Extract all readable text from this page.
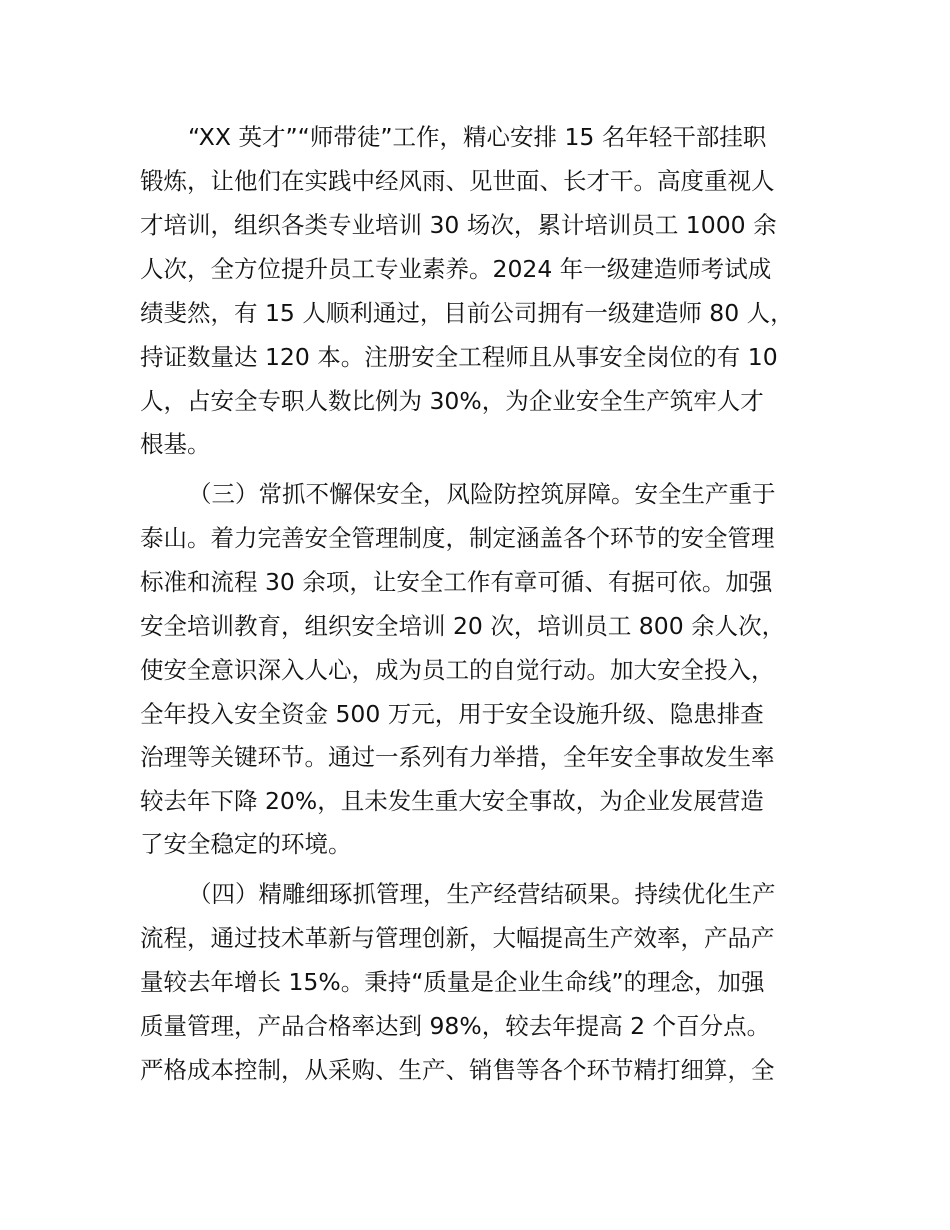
“XX 英才”“师带徒”工作，精心安排 15 名年轻干部挂职

锻炼，让他们在实践中经风雨、见世面、长才干。高度重视人

才培训，组织各类专业培训 30 场次，累计培训员工 1000 余

人次，全方位提升员工专业素养。2024 年一级建造师考试成

绩斐然，有 15 人顺利通过，目前公司拥有一级建造师 80 人，

持证数量达 120 本。注册安全工程师且从事安全岗位的有 10

人，占安全专职人数比例为 30%，为企业安全生产筑牢人才

根基。

（三）常抓不懈保安全，风险防控筑屏障。安全生产重于

泰山。着力完善安全管理制度，制定涵盖各个环节的安全管理

标准和流程 30 余项，让安全工作有章可循、有据可依。加强

安全培训教育，组织安全培训 20 次，培训员工 800 余人次，

使安全意识深入人心，成为员工的自觉行动。加大安全投入，

全年投入安全资金 500 万元，用于安全设施升级、隐患排查

治理等关键环节。通过一系列有力举措，全年安全事故发生率

较去年下降 20%，且未发生重大安全事故，为企业发展营造

了安全稳定的环境。

（四）精雕细琢抓管理，生产经营结硕果。持续优化生产

流程，通过技术革新与管理创新，大幅提高生产效率，产品产

量较去年增长 15%。秉持“质量是企业生命线”的理念，加强

质量管理，产品合格率达到 98%，较去年提高 2 个百分点。

严格成本控制，从采购、生产、销售等各个环节精打细算，全
